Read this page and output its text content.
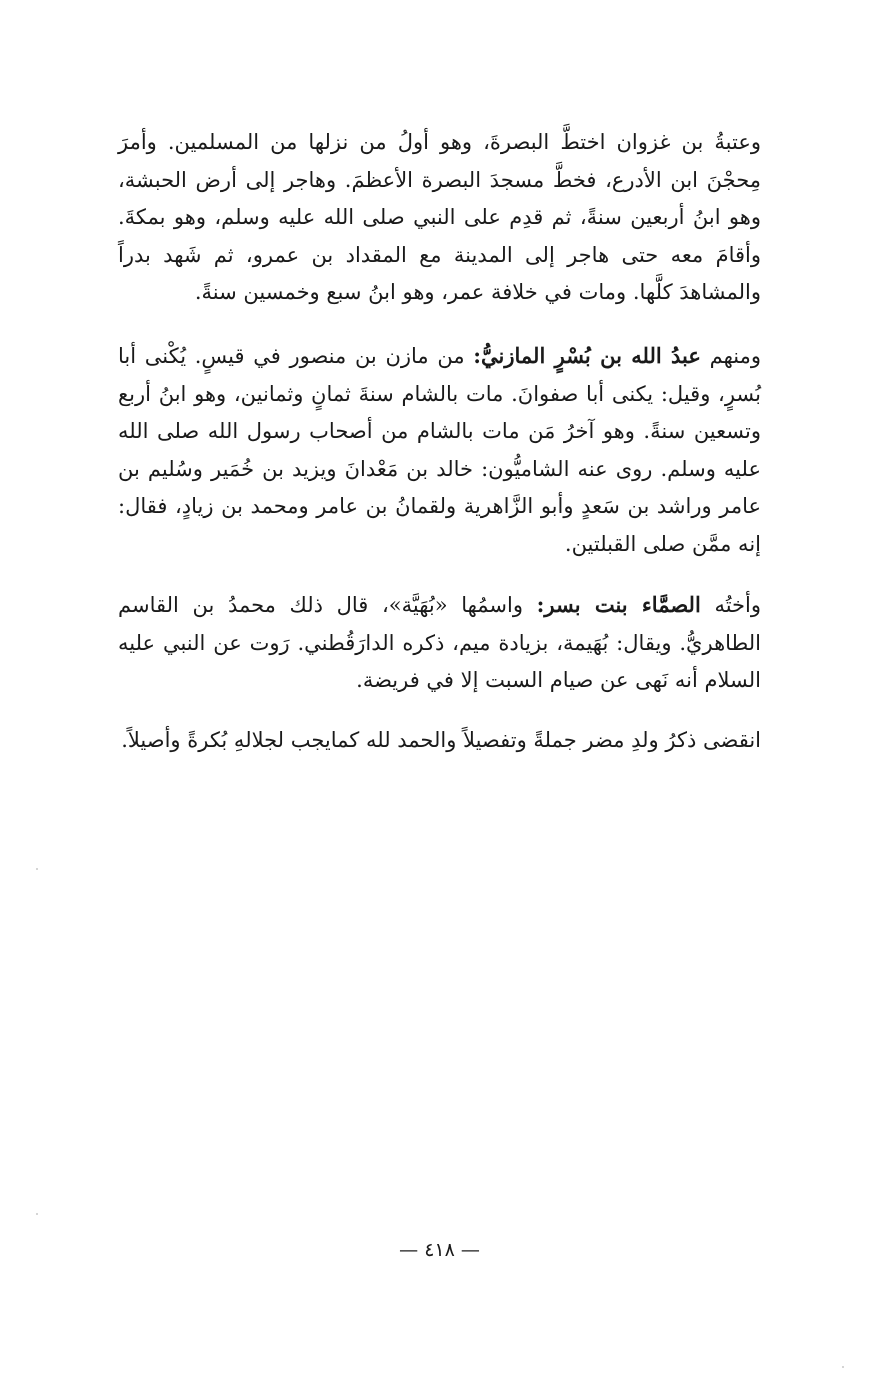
وعتبةُ بن غزوان اختطَّ البصرةَ، وهو أولُ من نزلها من المسلمين. وأمرَ مِحجْنَ ابن الأدرع، فخطَّ مسجدَ البصرة الأعظمَ. وهاجر إلى أرض الحبشة، وهو ابنُ أربعين سنةً، ثم قدِم على النبي صلى الله عليه وسلم، وهو بمكةَ. وأقامَ معه حتى هاجر إلى المدينة مع المقداد بن عمرو، ثم شَهد بدراً والمشاهدَ كلَّها. ومات في خلافة عمر، وهو ابنُ سبع وخمسين سنةً.

ومنهم عبدُ الله بن بُسْرٍ المازنيُّ: من مازن بن منصور في قيسٍ. يُكْنى أبا بُسرٍ، وقيل: يكنى أبا صفوانَ. مات بالشام سنةَ ثمانٍ وثمانين، وهو ابنُ أربع وتسعين سنةً. وهو آخرُ مَن مات بالشام من أصحاب رسول الله صلى الله عليه وسلم. روى عنه الشاميُّون: خالد بن مَعْدانَ ويزيد بن خُمَير وسُليم بن عامر وراشد بن سَعدٍ وأبو الزَّاهرية ولقمانُ بن عامر ومحمد بن زيادٍ، فقال: إنه ممَّن صلى القبلتين.

وأختُه الصمَّاء بنت بسر: واسمُها «بُهَيَّة»، قال ذلك محمدُ بن القاسم الطاهريُّ. ويقال: بُهَيمة، بزيادة ميم، ذكره الدارَقُطني. رَوت عن النبي عليه السلام أنه نَهى عن صيام السبت إلا في فريضة.

انقضى ذكرُ ولدِ مضر جملةً وتفصيلاً والحمد لله كمايجب لجلالهِ بُكرةً وأصيلاً.

— ٤١٨ —
